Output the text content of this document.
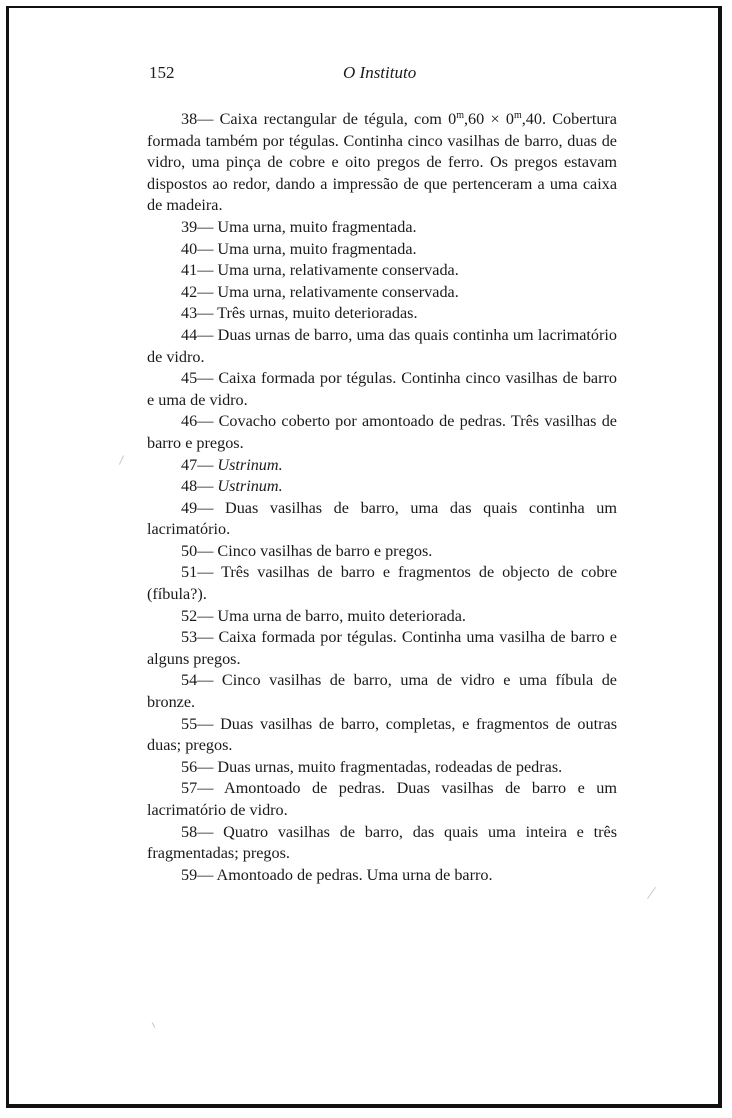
152	O Instituto

38— Caixa rectangular de tégula, com $0^m,60 \times 0^m,40$. Cobertura formada também por tégulas. Continha cinco vasilhas de barro, duas de vidro, uma pinça de cobre e oito pregos de ferro. Os pregos estavam dispostos ao redor, dando a impressão de que pertenceram a uma caixa de madeira.

39— Uma urna, muito fragmentada.

40— Uma urna, muito fragmentada.

41— Uma urna, relativamente conservada.

42— Uma urna, relativamente conservada.

43— Três urnas, muito deterioradas.

44— Duas urnas de barro, uma das quais continha um lacrimatório de vidro.

45— Caixa formada por tégulas. Continha cinco vasilhas de barro e uma de vidro.

46— Covacho coberto por amontoado de pedras. Três vasilhas de barro e pregos.

47— Ustrinum.

48— Ustrinum.

49— Duas vasilhas de barro, uma das quais continha um lacrimatório.

50— Cinco vasilhas de barro e pregos.

51— Três vasilhas de barro e fragmentos de objecto de cobre (fíbula?).

52— Uma urna de barro, muito deteriorada.

53— Caixa formada por tégulas. Continha uma vasilha de barro e alguns pregos.

54— Cinco vasilhas de barro, uma de vidro e uma fíbula de bronze.

55— Duas vasilhas de barro, completas, e fragmentos de outras duas; pregos.

56— Duas urnas, muito fragmentadas, rodeadas de pedras.

57— Amontoado de pedras. Duas vasilhas de barro e um lacrimatório de vidro.

58— Quatro vasilhas de barro, das quais uma inteira e três fragmentadas; pregos.

59— Amontoado de pedras. Uma urna de barro.
